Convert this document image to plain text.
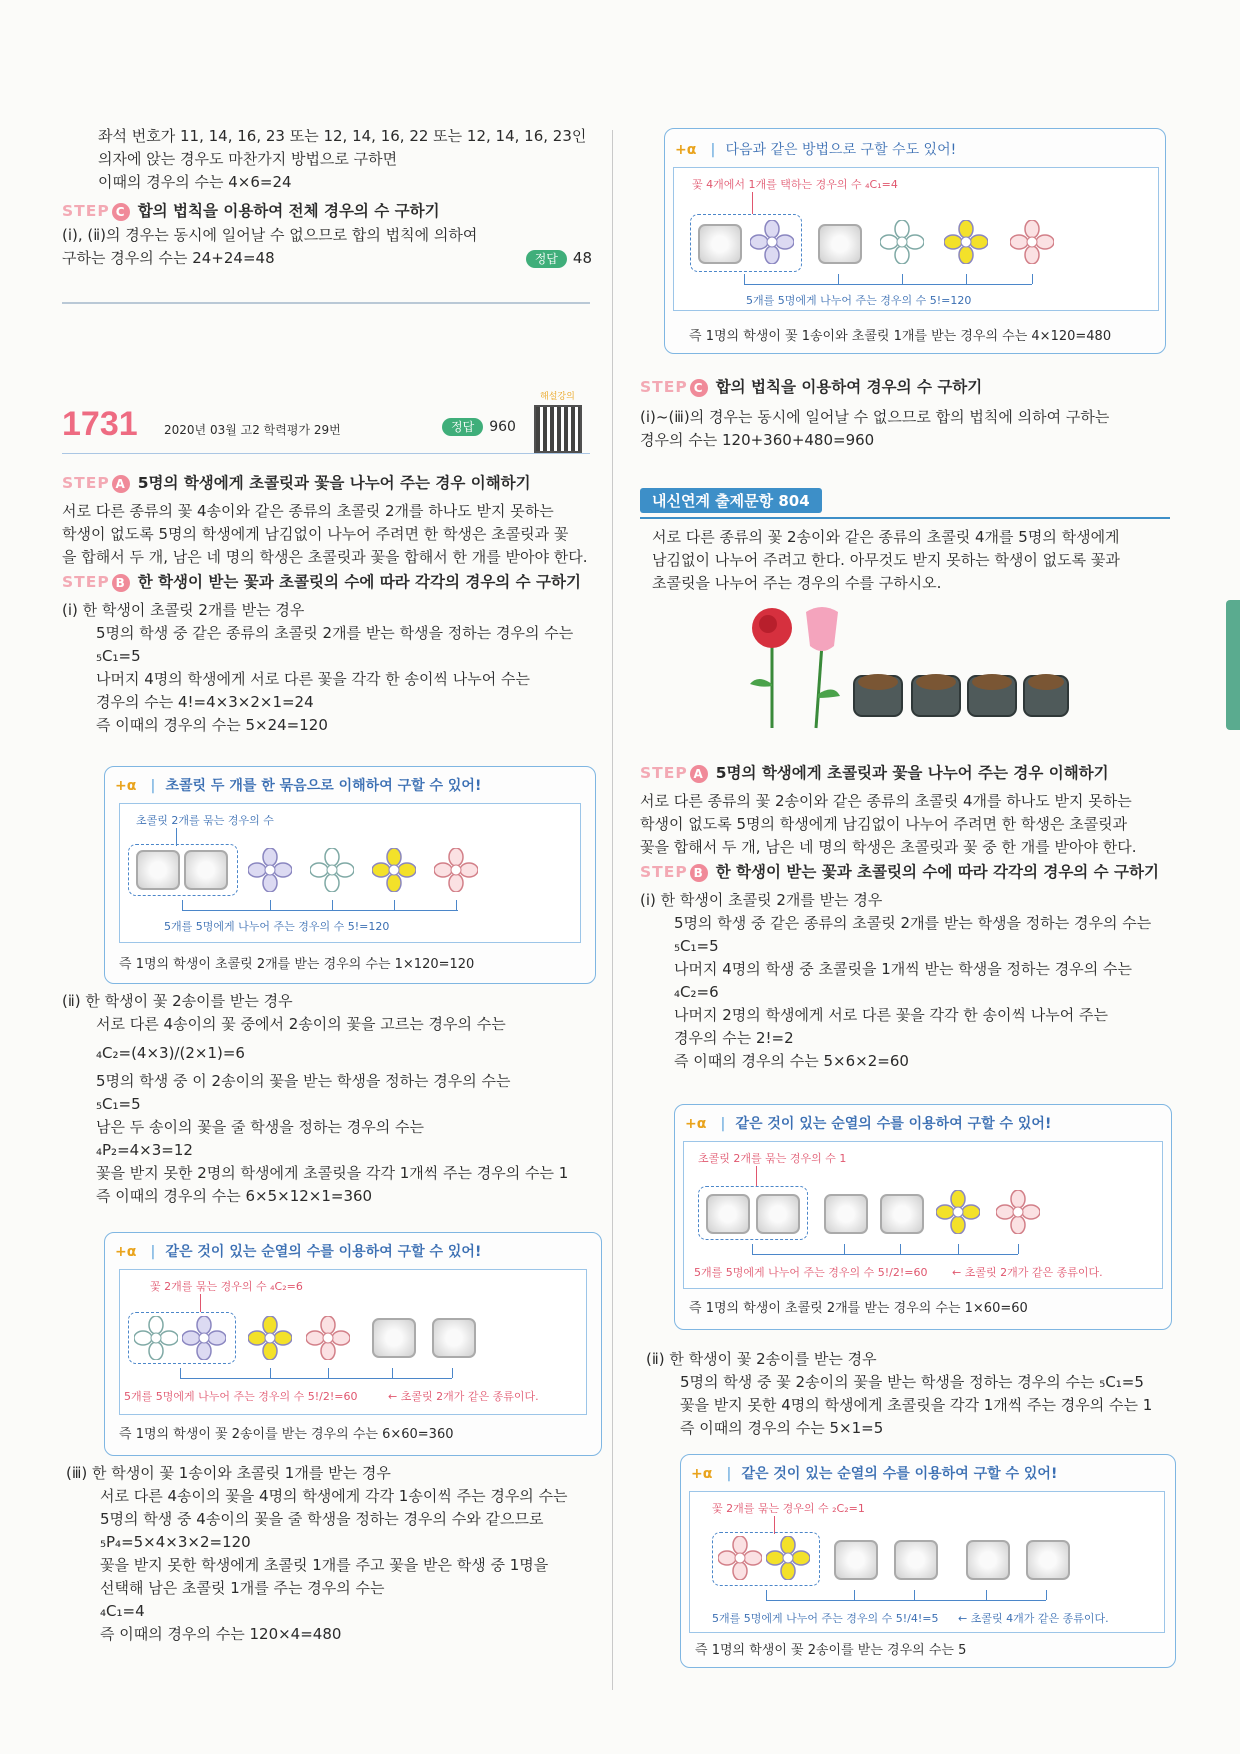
좌석 번호가 11, 14, 16, 23 또는 12, 14, 16, 22 또는 12, 14, 16, 23인

의자에 앉는 경우도 마찬가지 방법으로 구하면

이때의 경우의 수는 4×6=24

STEP C 합의 법칙을 이용하여 전체 경우의 수 구하기

(ⅰ), (ⅱ)의 경우는 동시에 일어날 수 없으므로 합의 법칙에 의하여

구하는 경우의 수는 24+24=48	정답 48

1731 2020년 03월 고2 학력평가 29번	정답 960
해설강의

STEP A 5명의 학생에게 초콜릿과 꽃을 나누어 주는 경우 이해하기

서로 다른 종류의 꽃 4송이와 같은 종류의 초콜릿 2개를 하나도 받지 못하는

학생이 없도록 5명의 학생에게 남김없이 나누어 주려면 한 학생은 초콜릿과 꽃

을 합해서 두 개, 남은 네 명의 학생은 초콜릿과 꽃을 합해서 한 개를 받아야 한다.

STEP B 한 학생이 받는 꽃과 초콜릿의 수에 따라 각각의 경우의 수 구하기

(ⅰ) 한 학생이 초콜릿 2개를 받는 경우

5명의 학생 중 같은 종류의 초콜릿 2개를 받는 학생을 정하는 경우의 수는

₅C₁=5

나머지 4명의 학생에게 서로 다른 꽃을 각각 한 송이씩 나누어 수는

경우의 수는 4!=4×3×2×1=24

즉 이때의 경우의 수는 5×24=120

+α | 초콜릿 두 개를 한 묶음으로 이해하여 구할 수 있어!
초콜릿 2개를 묶는 경우의 수
5개를 5명에게 나누어 주는 경우의 수 5!=120
즉 1명의 학생이 초콜릿 2개를 받는 경우의 수는 1×120=120

(ⅱ) 한 학생이 꽃 2송이를 받는 경우

서로 다른 4송이의 꽃 중에서 2송이의 꽃을 고르는 경우의 수는

₄C₂=(4×3)/(2×1)=6

5명의 학생 중 이 2송이의 꽃을 받는 학생을 정하는 경우의 수는

₅C₁=5

남은 두 송이의 꽃을 줄 학생을 정하는 경우의 수는

₄P₂=4×3=12

꽃을 받지 못한 2명의 학생에게 초콜릿을 각각 1개씩 주는 경우의 수는 1

즉 이때의 경우의 수는 6×5×12×1=360

+α | 같은 것이 있는 순열의 수를 이용하여 구할 수 있어!
꽃 2개를 묶는 경우의 수 ₄C₂=6
5개를 5명에게 나누어 주는 경우의 수 5!/2!=60	← 초콜릿 2개가 같은 종류이다.
즉 1명의 학생이 꽃 2송이를 받는 경우의 수는 6×60=360

(ⅲ) 한 학생이 꽃 1송이와 초콜릿 1개를 받는 경우

서로 다른 4송이의 꽃을 4명의 학생에게 각각 1송이씩 주는 경우의 수는

5명의 학생 중 4송이의 꽃을 줄 학생을 정하는 경우의 수와 같으므로

₅P₄=5×4×3×2=120

꽃을 받지 못한 학생에게 초콜릿 1개를 주고 꽃을 받은 학생 중 1명을

선택해 남은 초콜릿 1개를 주는 경우의 수는

₄C₁=4

즉 이때의 경우의 수는 120×4=480

+α | 다음과 같은 방법으로 구할 수도 있어!
꽃 4개에서 1개를 택하는 경우의 수 ₄C₁=4
5개를 5명에게 나누어 주는 경우의 수 5!=120
즉 1명의 학생이 꽃 1송이와 초콜릿 1개를 받는 경우의 수는 4×120=480

STEP C 합의 법칙을 이용하여 경우의 수 구하기

(ⅰ)~(ⅲ)의 경우는 동시에 일어날 수 없으므로 합의 법칙에 의하여 구하는

경우의 수는 120+360+480=960

내신연계 출제문항 804

서로 다른 종류의 꽃 2송이와 같은 종류의 초콜릿 4개를 5명의 학생에게

남김없이 나누어 주려고 한다. 아무것도 받지 못하는 학생이 없도록 꽃과

초콜릿을 나누어 주는 경우의 수를 구하시오.

STEP A 5명의 학생에게 초콜릿과 꽃을 나누어 주는 경우 이해하기

서로 다른 종류의 꽃 2송이와 같은 종류의 초콜릿 4개를 하나도 받지 못하는

학생이 없도록 5명의 학생에게 남김없이 나누어 주려면 한 학생은 초콜릿과

꽃을 합해서 두 개, 남은 네 명의 학생은 초콜릿과 꽃 중 한 개를 받아야 한다.

STEP B 한 학생이 받는 꽃과 초콜릿의 수에 따라 각각의 경우의 수 구하기

(ⅰ) 한 학생이 초콜릿 2개를 받는 경우

5명의 학생 중 같은 종류의 초콜릿 2개를 받는 학생을 정하는 경우의 수는

₅C₁=5

나머지 4명의 학생 중 초콜릿을 1개씩 받는 학생을 정하는 경우의 수는

₄C₂=6

나머지 2명의 학생에게 서로 다른 꽃을 각각 한 송이씩 나누어 주는

경우의 수는 2!=2

즉 이때의 경우의 수는 5×6×2=60

+α | 같은 것이 있는 순열의 수를 이용하여 구할 수 있어!
초콜릿 2개를 묶는 경우의 수 1
5개를 5명에게 나누어 주는 경우의 수 5!/2!=60 ← 초콜릿 2개가 같은 종류이다.
즉 1명의 학생이 초콜릿 2개를 받는 경우의 수는 1×60=60

(ⅱ) 한 학생이 꽃 2송이를 받는 경우

5명의 학생 중 꽃 2송이의 꽃을 받는 학생을 정하는 경우의 수는 ₅C₁=5

꽃을 받지 못한 4명의 학생에게 초콜릿을 각각 1개씩 주는 경우의 수는 1

즉 이때의 경우의 수는 5×1=5

+α | 같은 것이 있는 순열의 수를 이용하여 구할 수 있어!
꽃 2개를 묶는 경우의 수 ₂C₂=1
5개를 5명에게 나누어 주는 경우의 수 5!/4!=5 ← 초콜릿 4개가 같은 종류이다.
즉 1명의 학생이 꽃 2송이를 받는 경우의 수는 5
